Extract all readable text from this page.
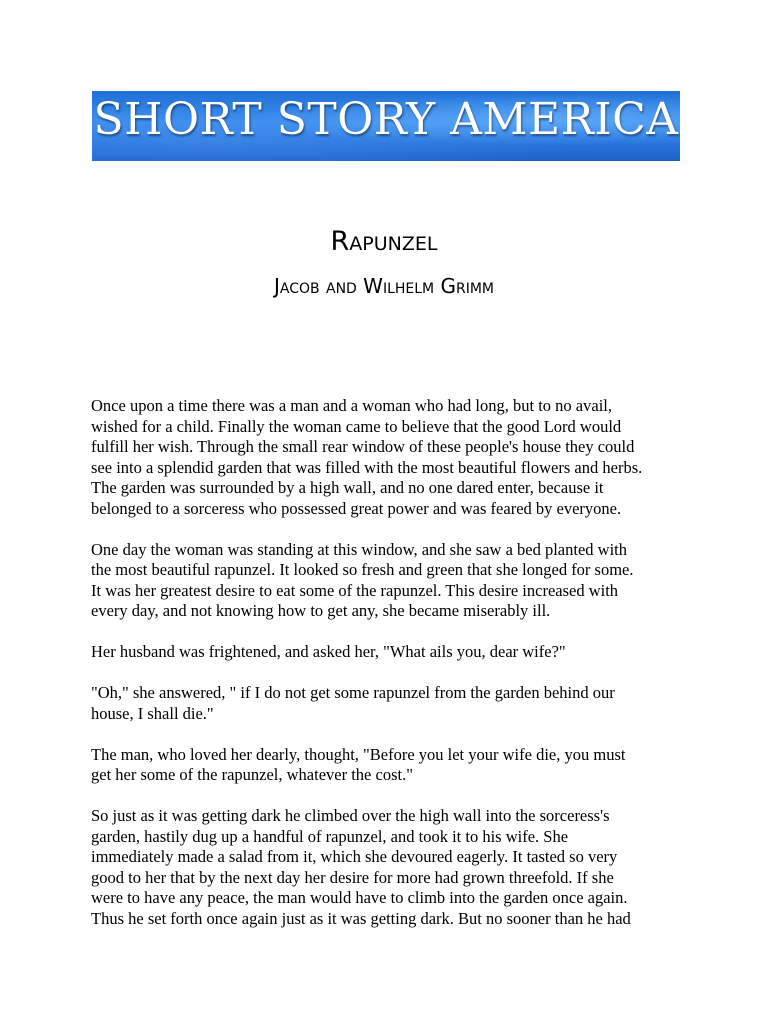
SHORT STORY AMERICA
Rapunzel
Jacob and Wilhelm Grimm

Once upon a time there was a man and a woman who had long, but to no avail,
wished for a child. Finally the woman came to believe that the good Lord would
fulfill her wish. Through the small rear window of these people's house they could
see into a splendid garden that was filled with the most beautiful flowers and herbs.
The garden was surrounded by a high wall, and no one dared enter, because it
belonged to a sorceress who possessed great power and was feared by everyone.

One day the woman was standing at this window, and she saw a bed planted with
the most beautiful rapunzel. It looked so fresh and green that she longed for some.
It was her greatest desire to eat some of the rapunzel. This desire increased with
every day, and not knowing how to get any, she became miserably ill.

Her husband was frightened, and asked her, "What ails you, dear wife?"

"Oh," she answered, " if I do not get some rapunzel from the garden behind our
house, I shall die."

The man, who loved her dearly, thought, "Before you let your wife die, you must
get her some of the rapunzel, whatever the cost."

So just as it was getting dark he climbed over the high wall into the sorceress's
garden, hastily dug up a handful of rapunzel, and took it to his wife. She
immediately made a salad from it, which she devoured eagerly. It tasted so very
good to her that by the next day her desire for more had grown threefold. If she
were to have any peace, the man would have to climb into the garden once again.
Thus he set forth once again just as it was getting dark. But no sooner than he had
